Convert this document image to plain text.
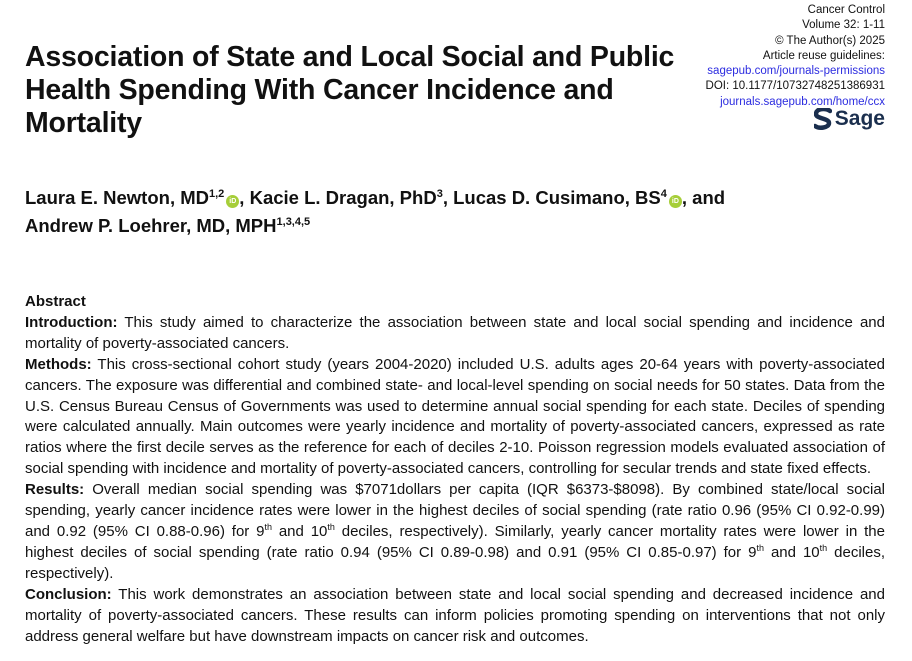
Association of State and Local Social and Public Health Spending With Cancer Incidence and Mortality
Cancer Control
Volume 32: 1-11
© The Author(s) 2025
Article reuse guidelines:
sagepub.com/journals-permissions
DOI: 10.1177/10732748251386931
journals.sagepub.com/home/ccx
Sage
Laura E. Newton, MD$^{1,2}$iD , Kacie L. Dragan, PhD$^3$, Lucas D. Cusimano, $BS^4iD$ , and
Andrew P. Loehrer, MD, MPH$^{1,3,4,5}$
Abstract

Introduction: This study aimed to characterize the association between state and local social spending and incidence and mortality of poverty-associated cancers.

Methods: This cross-sectional cohort study (years 2004-2020) included U.S. adults ages 20-64 years with poverty-associated cancers. The exposure was differential and combined state- and local-level spending on social needs for 50 states. Data from the U.S. Census Bureau Census of Governments was used to determine annual social spending for each state. Deciles of spending were calculated annually. Main outcomes were yearly incidence and mortality of poverty-associated cancers, expressed as rate ratios where the first decile serves as the reference for each of deciles 2-10. Poisson regression models evaluated association of social spending with incidence and mortality of poverty-associated cancers, controlling for secular trends and state fixed effects.

Results: Overall median social spending was $7071dollars per capita (IQR $6373-$8098). By combined state/local social spending, yearly cancer incidence rates were lower in the highest deciles of social spending (rate ratio 0.96 (95% CI 0.92-0.99) and 0.92 (95% CI 0.88-0.96) for 9th and 10th deciles, respectively). Similarly, yearly cancer mortality rates were lower in the highest deciles of social spending (rate ratio 0.94 (95% CI 0.89-0.98) and 0.91 (95% CI 0.85-0.97) for 9th and 10th deciles, respectively).

Conclusion: This work demonstrates an association between state and local social spending and decreased incidence and mortality of poverty-associated cancers. These results can inform policies promoting spending on interventions that not only address general welfare but have downstream impacts on cancer risk and outcomes.
